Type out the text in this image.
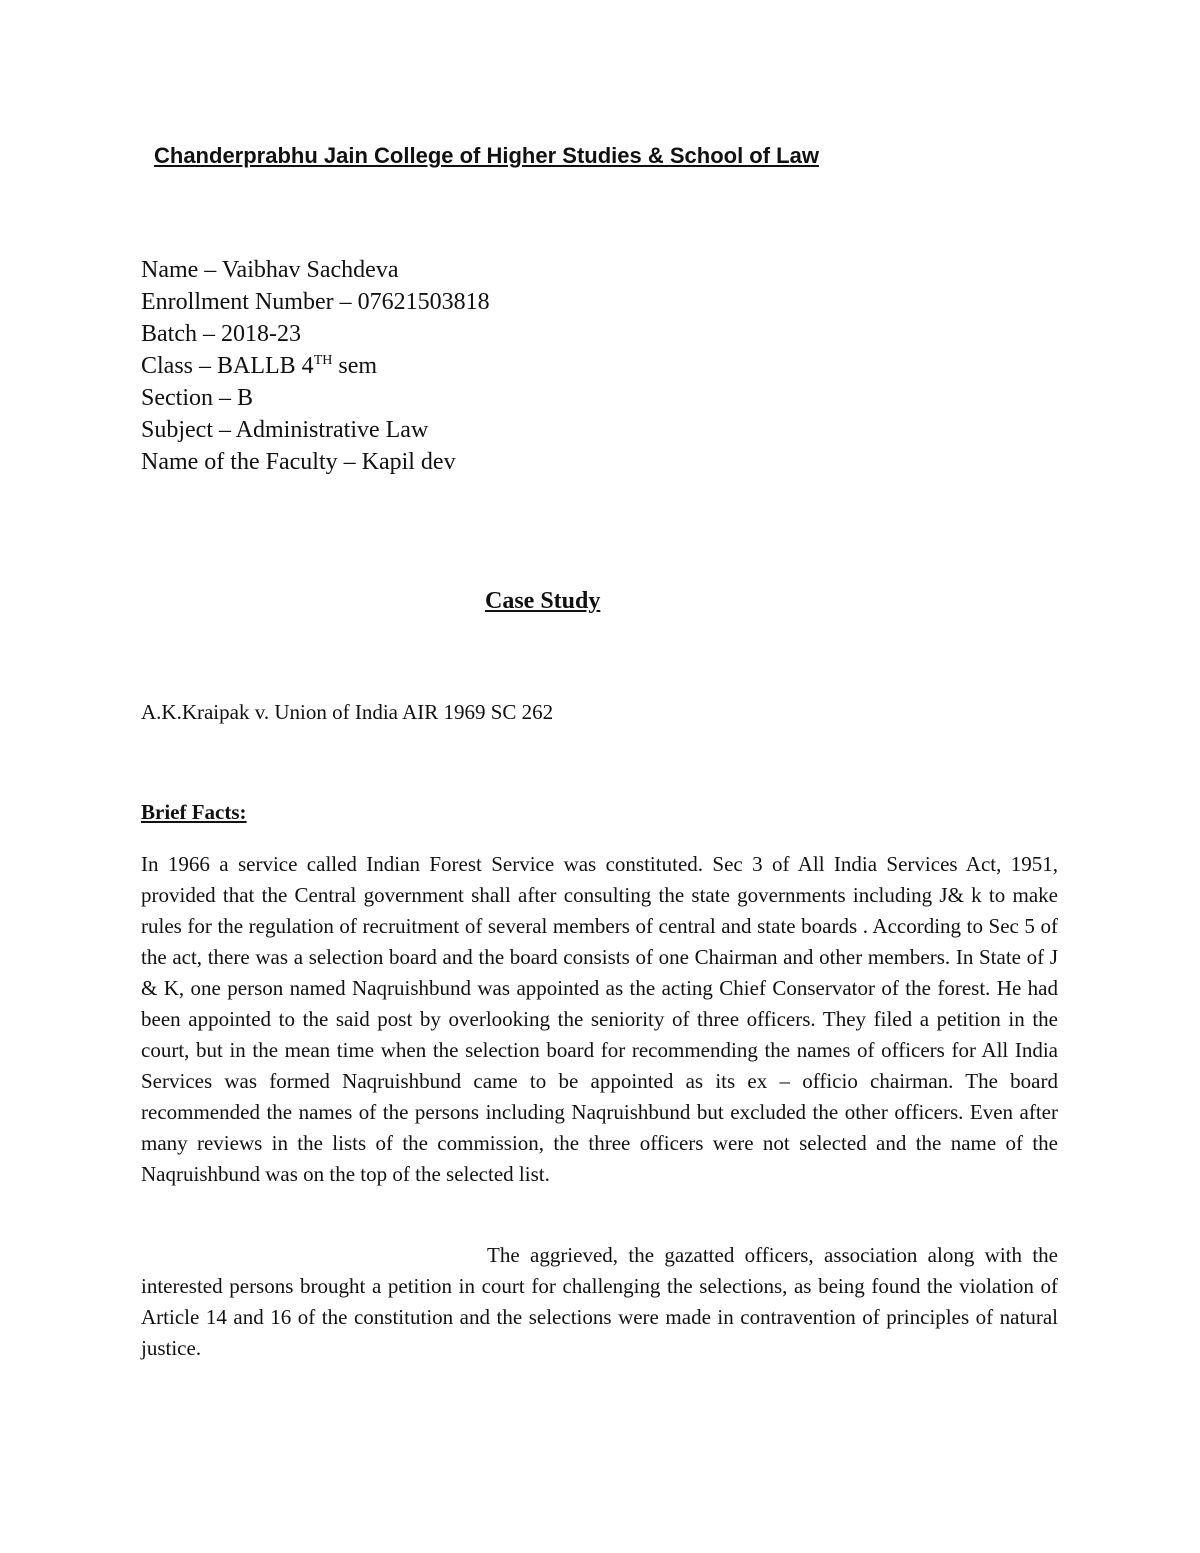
Chanderprabhu Jain College of Higher Studies & School of Law
Name – Vaibhav Sachdeva
Enrollment Number – 07621503818
Batch – 2018-23
Class – BALLB 4TH sem
Section – B
Subject – Administrative Law
Name of the Faculty – Kapil dev
Case Study
A.K.Kraipak v. Union of India AIR 1969 SC 262
Brief Facts:
In 1966 a service called Indian Forest Service was constituted. Sec 3 of All India Services Act, 1951, provided that the Central government shall after consulting the state governments including J& k to make rules for the regulation of recruitment of several members of central and state boards . According to Sec 5 of the act, there was a selection board and the board consists of one Chairman and other members. In State of J & K, one person named Naqruishbund was appointed as the acting Chief Conservator of the forest. He had been appointed to the said post by overlooking the seniority of three officers. They filed a petition in the court, but in the mean time when the selection board for recommending the names of officers for All India Services was formed Naqruishbund came to be appointed as its ex – officio chairman. The board recommended the names of the persons including Naqruishbund but excluded the other officers. Even after many reviews in the lists of the commission, the three officers were not selected and the name of the Naqruishbund was on the top of the selected list.
The aggrieved, the gazatted officers, association along with the interested persons brought a petition in court for challenging the selections, as being found the violation of Article 14 and 16 of the constitution and the selections were made in contravention of principles of natural justice.
